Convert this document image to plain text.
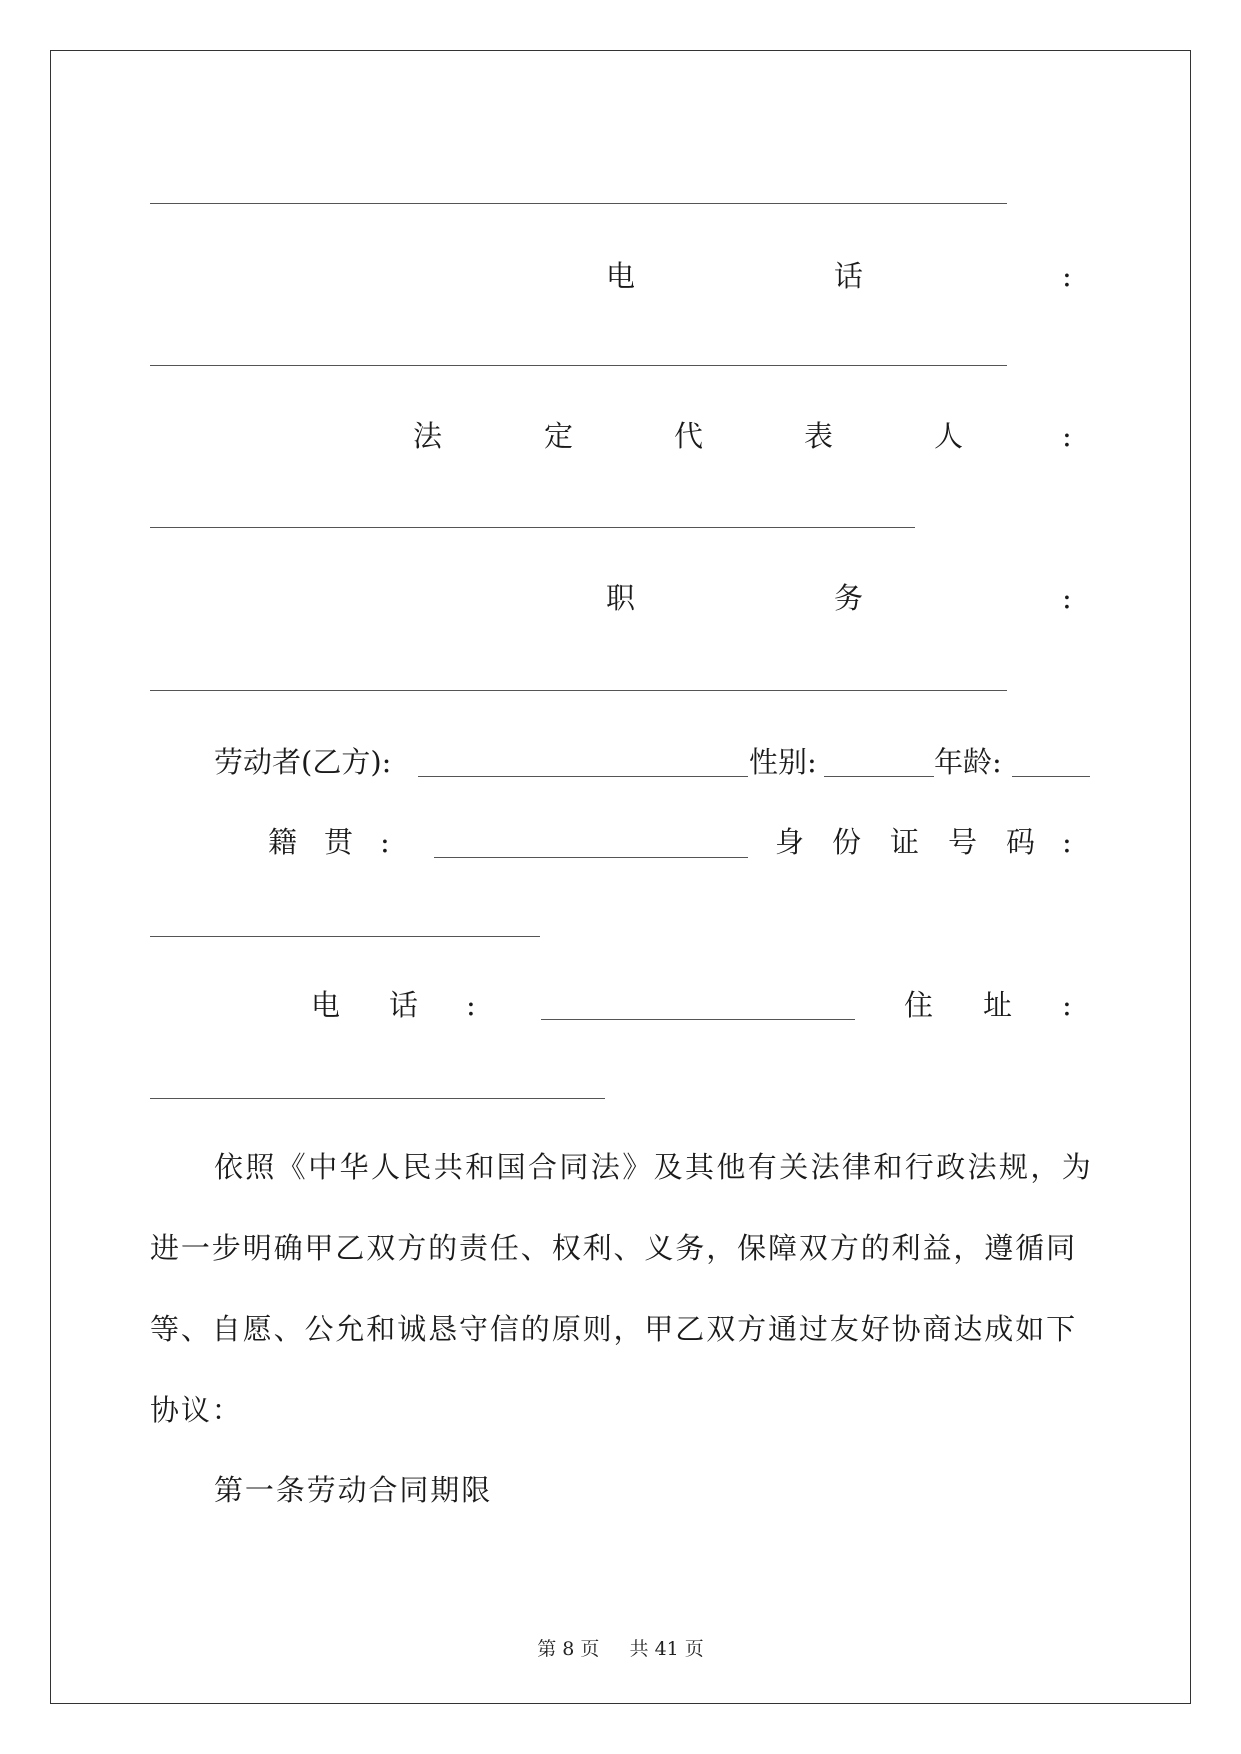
电	话	:
法	定	代	表	人	:
职	务	:
劳动者(乙方):	性别:	年龄:
籍 贯 :	身 份 证 号 码 :
电 话 :	住 址 :
依照《中华人民共和国合同法》及其他有关法律和行政法规，为
进一步明确甲乙双方的责任、权利、义务，保障双方的利益，遵循同
等、自愿、公允和诚恳守信的原则，甲乙双方通过友好协商达成如下
协议：
第一条劳动合同期限
第 8 页 共 41 页
